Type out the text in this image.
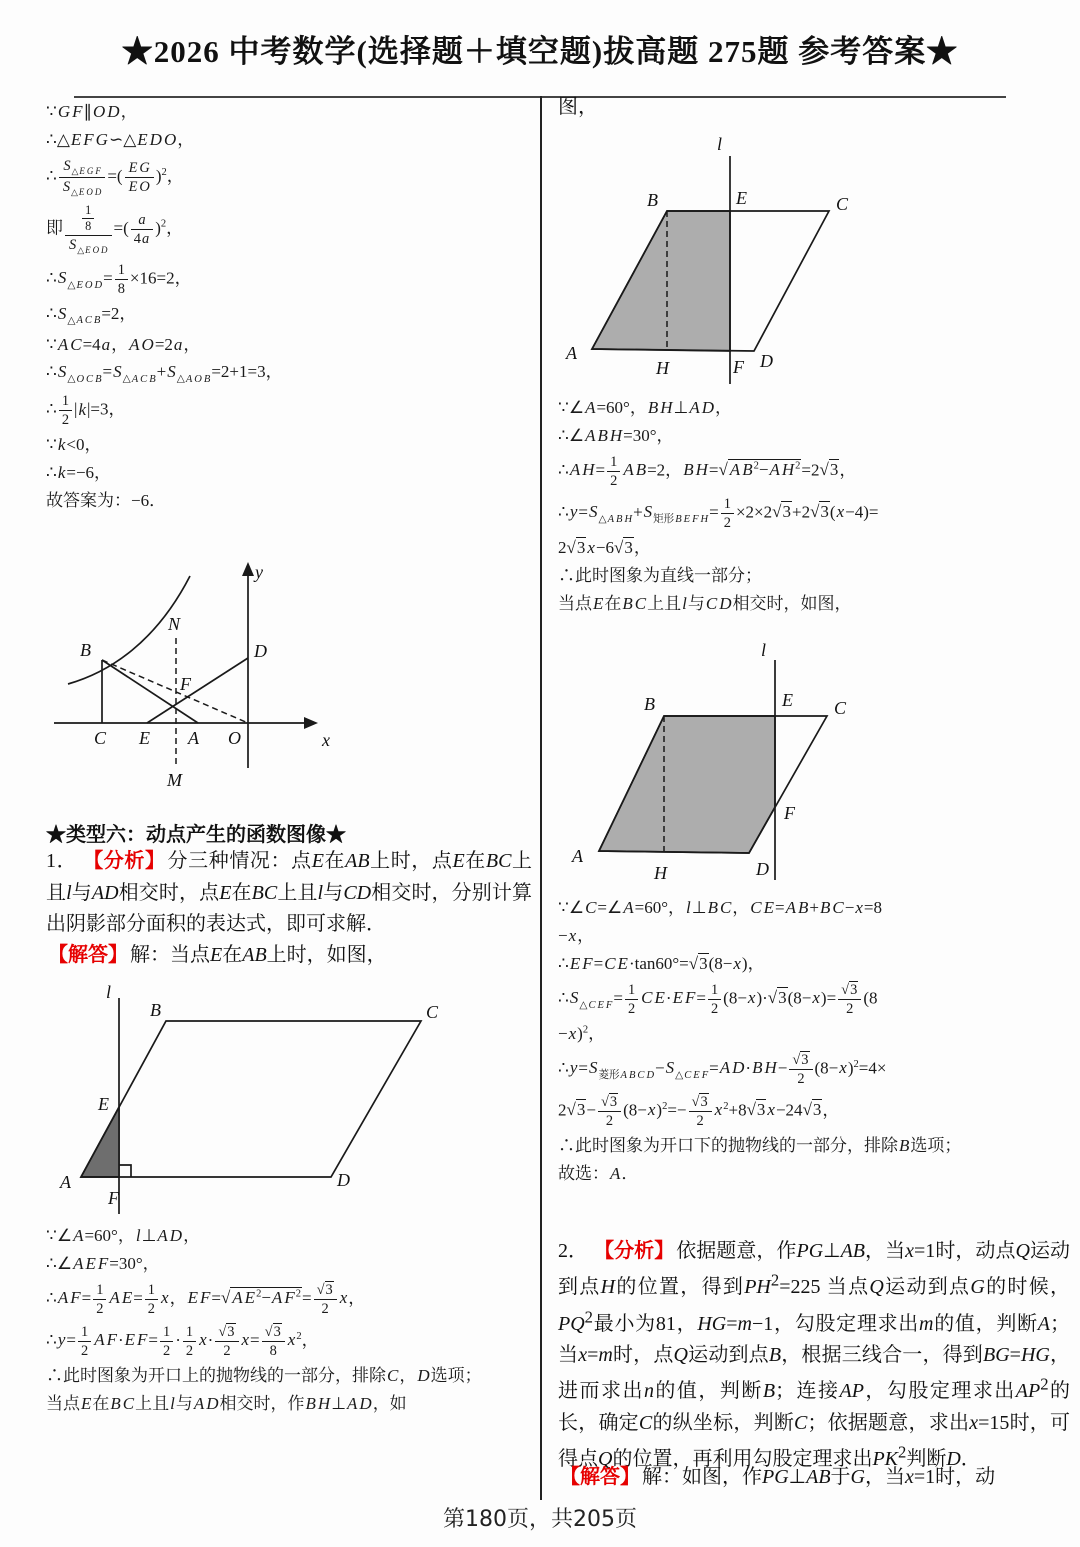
★2026 中考数学(选择题＋填空题)拔高题 275题 参考答案★
∵G F∥O D，
∴△E F G∽△E D O，
∴ $\frac{S_{\triangle E G F}}{S_{\triangle E O D}}$ =( $\frac{\text{E G}}{\text{E O}} )^2$，
即 $\frac{\frac{1}{8}}{S_{\triangle E O D}}$ =( $\frac{a}{4a} )^2$，
$\therefore S_{\triangle E O D}= \frac{1}{8} \times 16=2$，
$\therefore S_{\triangle A C B}=2$，
∵A C=4a，A O=2a，
$\therefore S_{\triangle O C B}=S_{\triangle A C B}+S_{\triangle A O B}=2+1=3$，
∴ $\frac{1}{2} |k|=3$，
∵k<0，
∴k=−6，
故答案为：−6．
y
x
O
A
E
C
B	D
F
N
M
★类型六：动点产生的函数图像★

1． 【分析】 分三种情况：点E在AB上时，点E在BC上且l与AD相交时，点E在BC上且l与CD相交时，分别计算出阴影部分面积的表达式，即可求解．

【解答】 解：当点E在AB上时，如图，

l
B	C
E
A
F
D
∵∠A=60°，l⊥A D，
∴∠A E F=30°，
∴A $F= \frac{1}{2}$ A $E= \frac{1}{2}$ x，E F=√ A $E^2-A$ $F^2= \frac{√3}{2}$ x，
∴y= $\frac{1}{2}$ A F·E $F= \frac{1}{2} \cdot \frac{1}{2} x\cdot \frac{√3}{2} x= \frac{√3}{8} x^2$，
∴此时图象为开口上的抛物线的一部分，排除C，D选项；
当点E在B C上且l与A D相交时，作B H⊥A D，如

图，

l
B	E	C
A
H	F D
∵∠A=60°，B H⊥A D，
∴∠A B H=30°，
∴A $H= \frac{1}{2}$ A B=2，B H=√ A $B^2-A$ $H^2=2√3$，
$\therefore y=S_{\triangle A B H}+S_{矩形B E F H}= \frac{1}{2} \times 2\times 2√3+2√3(x-4)=$
2√3 x−6√3，
∴此时图象为直线一部分；
当点E在B C上且l与C D相交时，如图，
l
B	E C
A
H	D
F
∵∠C=∠A=60°，l⊥B C，C E=A B+B C−x=8
−x，
∴E F=C E·tan60°=√3(8−x)，
$\therefore S_{\triangle C E F}= \frac{1}{2}$ C E·E $F= \frac{1}{2} (8-x)\cdot√3(8-x)= \frac{√3}{2} (8$
−x)$^2$，
$\therefore y=S_{菱形A B C D}-S_{\triangle C E F}=A$ D·B $H- \frac{√3}{2} (8-x)^2=4\times$
$2√3- \frac{√3}{2} (8-x)^2=- \frac{√3}{2} x^2+8√3$ x−24√3，
∴此时图象为开口下的抛物线的一部分，排除B选项；
故选：A．

2． 【分析】 依据题意，作PG⊥AB，当x=1时，动点Q运动到点H的位置，得到$PH^2=225$ 当点Q运动到点G的时候，$PQ^2$最小为81，HG=m−1，勾股定理求出m的值，判断A；当x=m时，点Q运动到点B，根据三线合一，得到BG=HG，进而求出n的值，判断B；连接AP，勾股定理求出$AP^2$的长，确定C的纵坐标，判断C；依据题意，求出x=15时，可得点Q的位置，再利用勾股定理求出$PK^2$判断D．

【解答】 解：如图，作PG⊥AB于G，当x=1时，动

第180页，共205页
